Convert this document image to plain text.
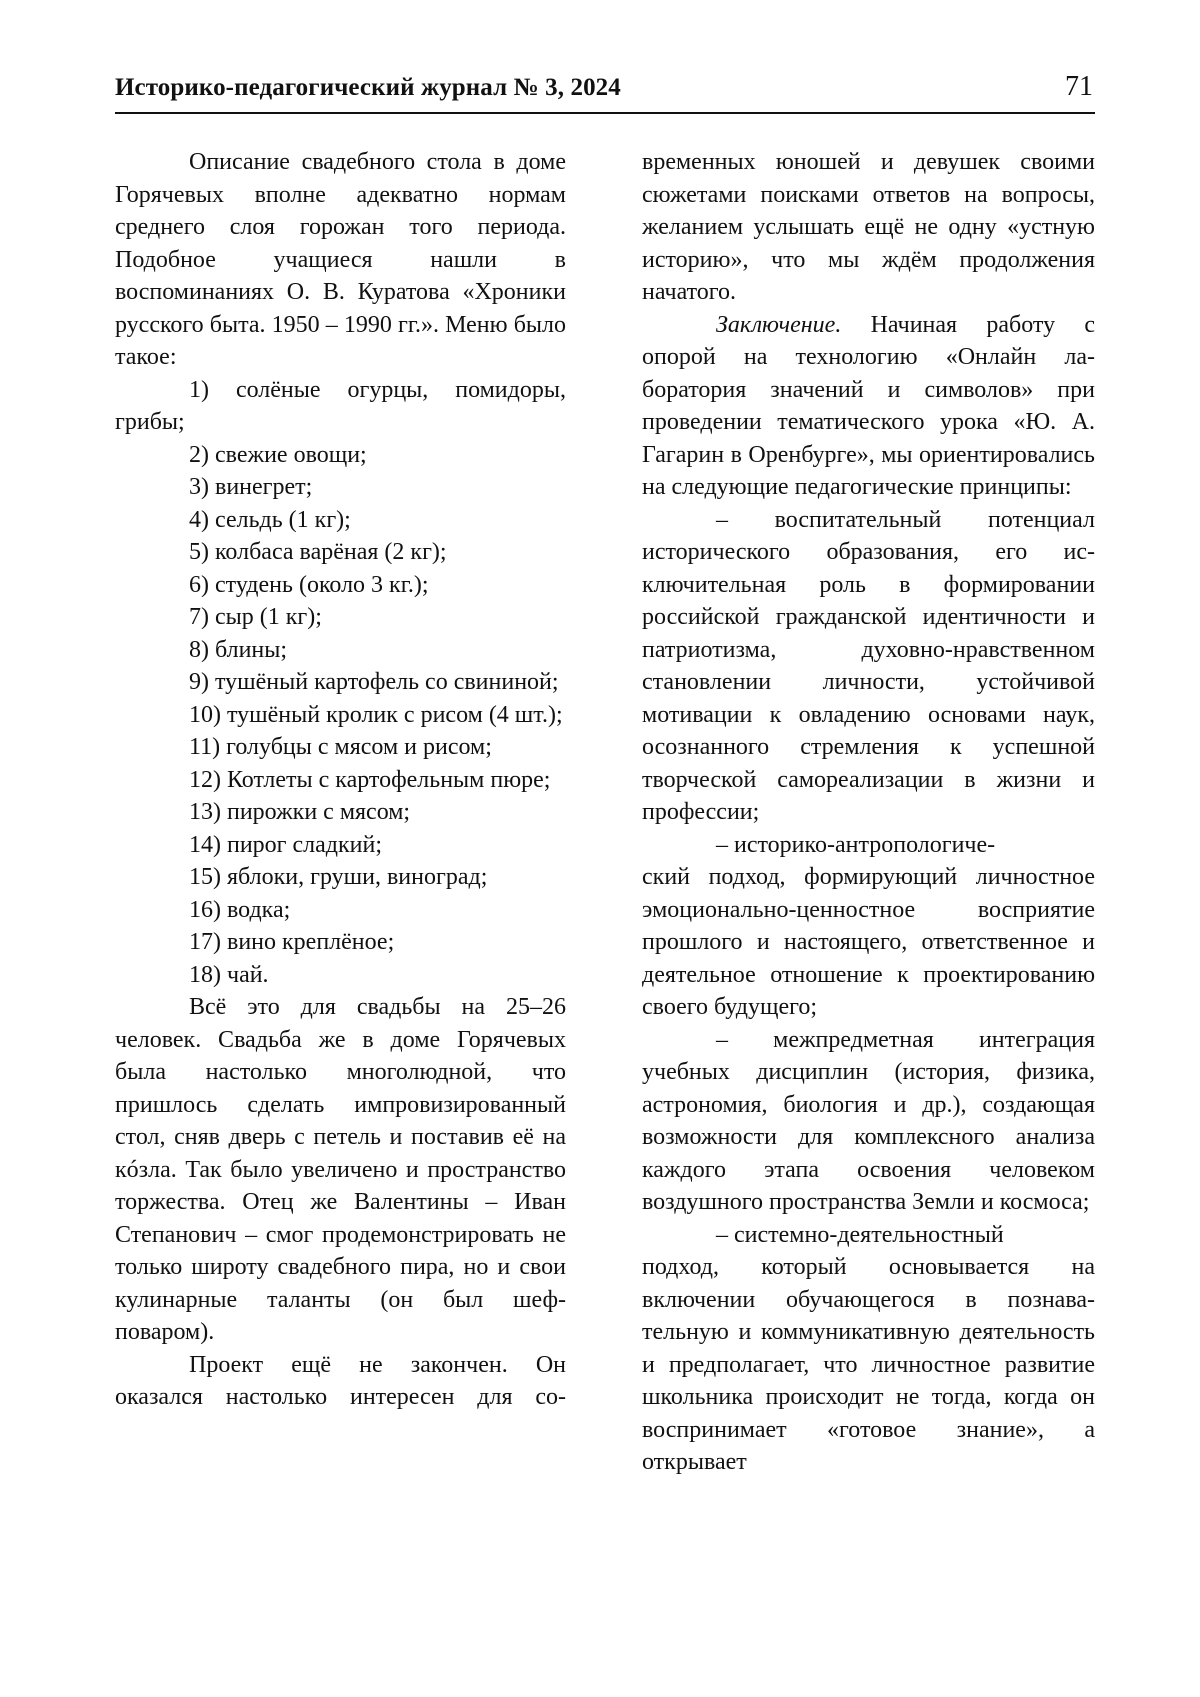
Историко-педагогический журнал № 3, 2024	71

Описание свадебного стола в доме Горячевых вполне адекватно нормам среднего слоя горожан того периода. Подобное учащиеся нашли в воспоминаниях О. В. Куратова «Хроники русского быта. 1950 – 1990 гг.». Меню было такое:

1) солёные огурцы, помидоры, грибы;

2) свежие овощи;

3) винегрет;

4) сельдь (1 кг);

5) колбаса варёная (2 кг);

6) студень (около 3 кг.);

7) сыр (1 кг);

8) блины;

9) тушёный картофель со свининой;

10) тушёный кролик с рисом (4 шт.);

11) голубцы с мясом и рисом;

12) Котлеты с картофельным пюре;

13) пирожки с мясом;

14) пирог сладкий;

15) яблоки, груши, виноград;

16) водка;

17) вино креплёное;

18) чай.

Всё это для свадьбы на 25–26 человек. Свадьба же в доме Горячевых была настолько многолюдной, что пришлось сделать импровизированный стол, сняв дверь с петель и поставив её на кóзла. Так было увеличено и пространство торжества. Отец же Валентины – Иван Степанович – смог продемонстрировать не только широту свадебного пира, но и свои кулинарные таланты (он был шеф-поваром).

Проект ещё не закончен. Он оказался настолько интересен для со-

временных юношей и девушек своими сюжетами поисками ответов на вопросы, желанием услышать ещё не одну «устную историю», что мы ждём продолжения начатого.

Заключение. Начиная работу с опорой на технологию «Онлайн лаборатория значений и символов» при проведении тематического урока «Ю. А. Гагарин в Оренбурге», мы ориентировались на следующие педагогические принципы:

– воспитательный потенциал исторического образования, его исключительная роль в формировании российской гражданской идентичности и патриотизма, духовно-нравственном становлении личности, устойчивой мотивации к овладению основами наук, осознанного стремления к успешной творческой самореализации в жизни и профессии;

– историко-антропологиче-

ский подход, формирующий личностное эмоционально-ценностное восприятие прошлого и настоящего, ответственное и деятельное отношение к проектированию своего будущего;

– межпредметная интеграция учебных дисциплин (история, физика, астрономия, биология и др.), создающая возможности для комплексного анализа каждого этапа освоения человеком воздушного пространства Земли и космоса;

– системно-деятельностный

подход, который основывается на включении обучающегося в познавательную и коммуникативную деятельность и предполагает, что личностное развитие школьника происходит не тогда, когда он воспринимает «готовое знание», а открывает
